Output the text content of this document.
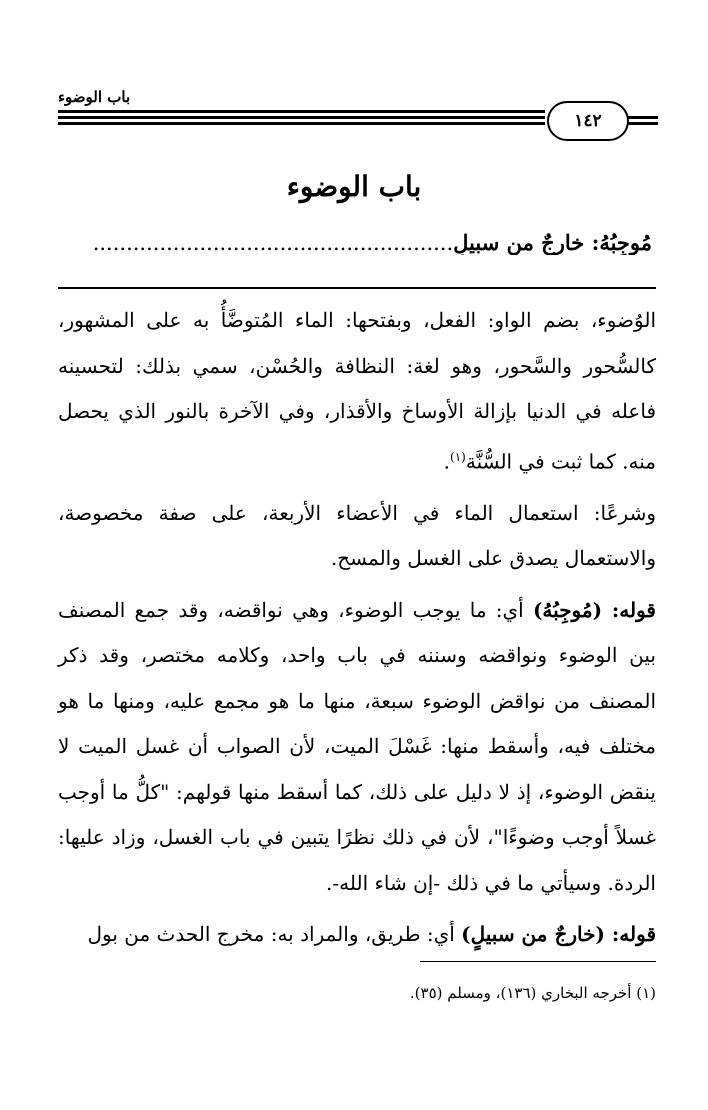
باب الوضوء
١٤٢
باب الوضوء
مُوجِبُهُ: خارجٌ من سبيلٍ......................................................

الوُضوء، بضم الواو: الفعل، وبفتحها: الماء المُتوضَّأُ به على المشهور، كالسُّحور والسَّحور، وهو لغة: النظافة والحُسْن، سمي بذلك: لتحسينه فاعله في الدنيا بإزالة الأوساخ والأقذار، وفي الآخرة بالنور الذي يحصل منه. كما ثبت في السُّنَّة$^{(١)}$.

وشرعًا: استعمال الماء في الأعضاء الأربعة، على صفة مخصوصة، والاستعمال يصدق على الغسل والمسح.

قوله: (مُوجِبُهُ) أي: ما يوجب الوضوء، وهي نواقضه، وقد جمع المصنف بين الوضوء ونواقضه وسننه في باب واحد، وكلامه مختصر، وقد ذكر المصنف من نواقض الوضوء سبعة، منها ما هو مجمع عليه، ومنها ما هو مختلف فيه، وأسقط منها: غَسْلَ الميت، لأن الصواب أن غسل الميت لا ينقض الوضوء، إذ لا دليل على ذلك، كما أسقط منها قولهم: "كلُّ ما أوجب غسلاً أوجب وضوءًا"، لأن في ذلك نظرًا يتبين في باب الغسل، وزاد عليها: الردة. وسيأتي ما في ذلك -إن شاء الله-.

قوله: (خارجٌ من سبيلٍ) أي: طريق، والمراد به: مخرج الحدث من بول

(١) أخرجه البخاري (١٣٦)، ومسلم (٣٥).
